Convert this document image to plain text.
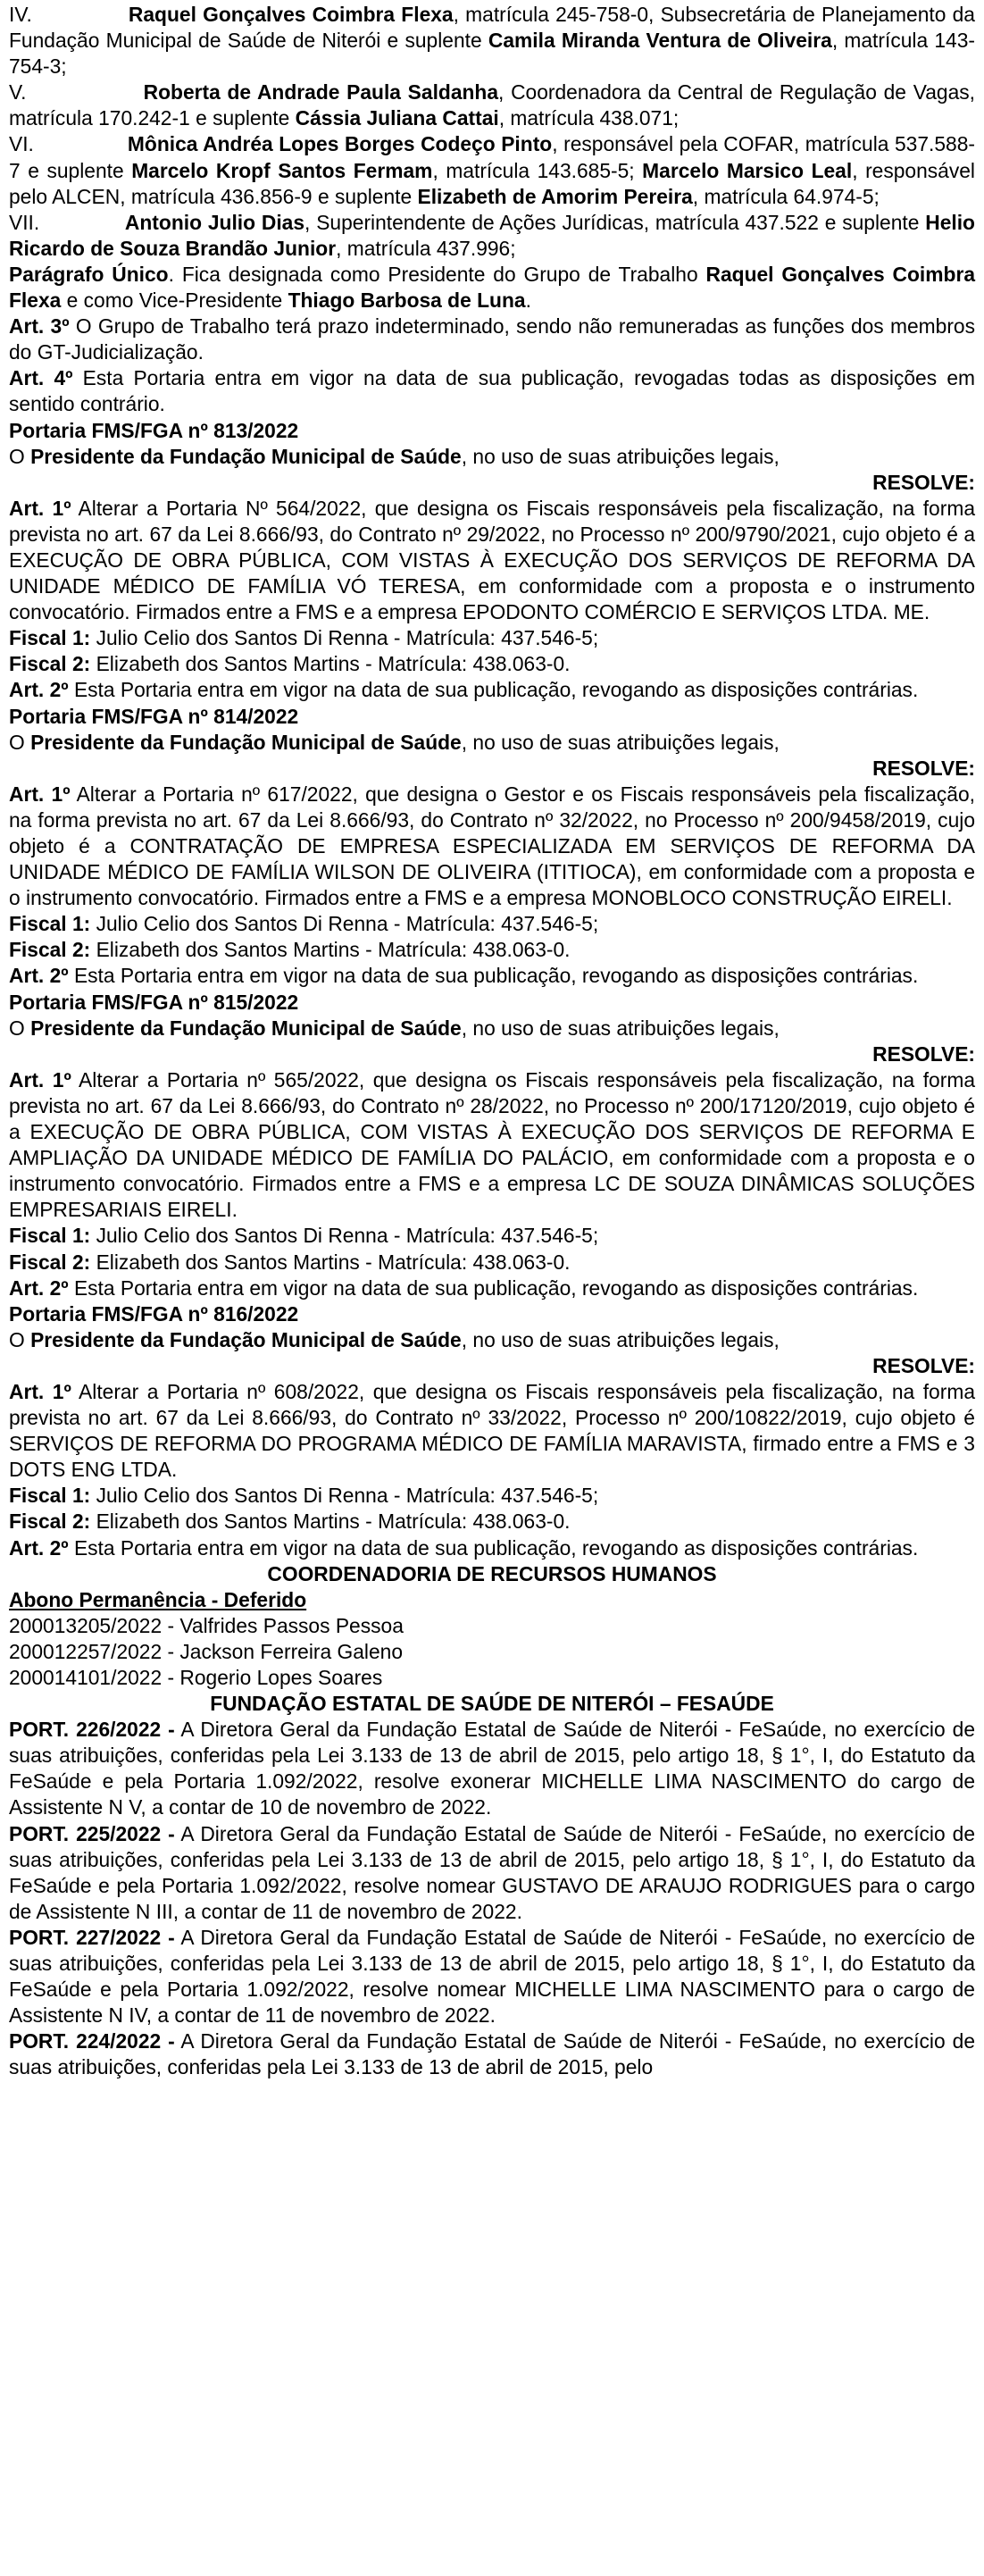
IV.	Raquel Gonçalves Coimbra Flexa, matrícula 245-758-0, Subsecretária de Planejamento da Fundação Municipal de Saúde de Niterói e suplente Camila Miranda Ventura de Oliveira, matrícula 143-754-3;

V.	Roberta de Andrade Paula Saldanha, Coordenadora da Central de Regulação de Vagas, matrícula 170.242-1 e suplente Cássia Juliana Cattai, matrícula 438.071;

VI.	Mônica Andréa Lopes Borges Codeço Pinto, responsável pela COFAR, matrícula 537.588-7 e suplente Marcelo Kropf Santos Fermam, matrícula 143.685-5; Marcelo Marsico Leal, responsável pelo ALCEN, matrícula 436.856-9 e suplente Elizabeth de Amorim Pereira, matrícula 64.974-5;

VII.	Antonio Julio Dias, Superintendente de Ações Jurídicas, matrícula 437.522 e suplente Helio Ricardo de Souza Brandão Junior, matrícula 437.996;

Parágrafo Único. Fica designada como Presidente do Grupo de Trabalho Raquel Gonçalves Coimbra Flexa e como Vice-Presidente Thiago Barbosa de Luna.

Art. 3º O Grupo de Trabalho terá prazo indeterminado, sendo não remuneradas as funções dos membros do GT-Judicialização.

Art. 4º Esta Portaria entra em vigor na data de sua publicação, revogadas todas as disposições em sentido contrário.

Portaria FMS/FGA nº 813/2022

O Presidente da Fundação Municipal de Saúde, no uso de suas atribuições legais,

RESOLVE:

Art. 1º Alterar a Portaria Nº 564/2022, que designa os Fiscais responsáveis pela fiscalização, na forma prevista no art. 67 da Lei 8.666/93, do Contrato nº 29/2022, no Processo nº 200/9790/2021, cujo objeto é a EXECUÇÃO DE OBRA PÚBLICA, COM VISTAS À EXECUÇÃO DOS SERVIÇOS DE REFORMA DA UNIDADE MÉDICO DE FAMÍLIA VÓ TERESA, em conformidade com a proposta e o instrumento convocatório. Firmados entre a FMS e a empresa EPODONTO COMÉRCIO E SERVIÇOS LTDA. ME.

Fiscal 1: Julio Celio dos Santos Di Renna - Matrícula: 437.546-5;

Fiscal 2: Elizabeth dos Santos Martins - Matrícula: 438.063-0.

Art. 2º Esta Portaria entra em vigor na data de sua publicação, revogando as disposições contrárias.

Portaria FMS/FGA nº 814/2022

O Presidente da Fundação Municipal de Saúde, no uso de suas atribuições legais,

RESOLVE:

Art. 1º Alterar a Portaria nº 617/2022, que designa o Gestor e os Fiscais responsáveis pela fiscalização, na forma prevista no art. 67 da Lei 8.666/93, do Contrato nº 32/2022, no Processo nº 200/9458/2019, cujo objeto é a CONTRATAÇÃO DE EMPRESA ESPECIALIZADA EM SERVIÇOS DE REFORMA DA UNIDADE MÉDICO DE FAMÍLIA WILSON DE OLIVEIRA (ITITIOCA), em conformidade com a proposta e o instrumento convocatório. Firmados entre a FMS e a empresa MONOBLOCO CONSTRUÇÃO EIRELI.

Fiscal 1: Julio Celio dos Santos Di Renna - Matrícula: 437.546-5;

Fiscal 2: Elizabeth dos Santos Martins - Matrícula: 438.063-0.

Art. 2º Esta Portaria entra em vigor na data de sua publicação, revogando as disposições contrárias.

Portaria FMS/FGA nº 815/2022

O Presidente da Fundação Municipal de Saúde, no uso de suas atribuições legais,

RESOLVE:

Art. 1º Alterar a Portaria nº 565/2022, que designa os Fiscais responsáveis pela fiscalização, na forma prevista no art. 67 da Lei 8.666/93, do Contrato nº 28/2022, no Processo nº 200/17120/2019, cujo objeto é a EXECUÇÃO DE OBRA PÚBLICA, COM VISTAS À EXECUÇÃO DOS SERVIÇOS DE REFORMA E AMPLIAÇÃO DA UNIDADE MÉDICO DE FAMÍLIA DO PALÁCIO, em conformidade com a proposta e o instrumento convocatório. Firmados entre a FMS e a empresa LC DE SOUZA DINÂMICAS SOLUÇÕES EMPRESARIAIS EIRELI.

Fiscal 1: Julio Celio dos Santos Di Renna - Matrícula: 437.546-5;

Fiscal 2: Elizabeth dos Santos Martins - Matrícula: 438.063-0.

Art. 2º Esta Portaria entra em vigor na data de sua publicação, revogando as disposições contrárias.

Portaria FMS/FGA nº 816/2022

O Presidente da Fundação Municipal de Saúde, no uso de suas atribuições legais,

RESOLVE:

Art. 1º Alterar a Portaria nº 608/2022, que designa os Fiscais responsáveis pela fiscalização, na forma prevista no art. 67 da Lei 8.666/93, do Contrato nº 33/2022, Processo nº 200/10822/2019, cujo objeto é SERVIÇOS DE REFORMA DO PROGRAMA MÉDICO DE FAMÍLIA MARAVISTA, firmado entre a FMS e 3 DOTS ENG LTDA.

Fiscal 1: Julio Celio dos Santos Di Renna - Matrícula: 437.546-5;

Fiscal 2: Elizabeth dos Santos Martins - Matrícula: 438.063-0.

Art. 2º Esta Portaria entra em vigor na data de sua publicação, revogando as disposições contrárias.

COORDENADORIA DE RECURSOS HUMANOS

Abono Permanência - Deferido

200013205/2022 - Valfrides Passos Pessoa

200012257/2022 - Jackson Ferreira Galeno

200014101/2022 - Rogerio Lopes Soares

FUNDAÇÃO ESTATAL DE SAÚDE DE NITERÓI – FESAÚDE

PORT. 226/2022 - A Diretora Geral da Fundação Estatal de Saúde de Niterói - FeSaúde, no exercício de suas atribuições, conferidas pela Lei 3.133 de 13 de abril de 2015, pelo artigo 18, § 1°, I, do Estatuto da FeSaúde e pela Portaria 1.092/2022, resolve exonerar MICHELLE LIMA NASCIMENTO do cargo de Assistente N V, a contar de 10 de novembro de 2022.

PORT. 225/2022 - A Diretora Geral da Fundação Estatal de Saúde de Niterói - FeSaúde, no exercício de suas atribuições, conferidas pela Lei 3.133 de 13 de abril de 2015, pelo artigo 18, § 1°, I, do Estatuto da FeSaúde e pela Portaria 1.092/2022, resolve nomear GUSTAVO DE ARAUJO RODRIGUES para o cargo de Assistente N III, a contar de 11 de novembro de 2022.

PORT. 227/2022 - A Diretora Geral da Fundação Estatal de Saúde de Niterói - FeSaúde, no exercício de suas atribuições, conferidas pela Lei 3.133 de 13 de abril de 2015, pelo artigo 18, § 1°, I, do Estatuto da FeSaúde e pela Portaria 1.092/2022, resolve nomear MICHELLE LIMA NASCIMENTO para o cargo de Assistente N IV, a contar de 11 de novembro de 2022.

PORT. 224/2022 - A Diretora Geral da Fundação Estatal de Saúde de Niterói - FeSaúde, no exercício de suas atribuições, conferidas pela Lei 3.133 de 13 de abril de 2015, pelo
